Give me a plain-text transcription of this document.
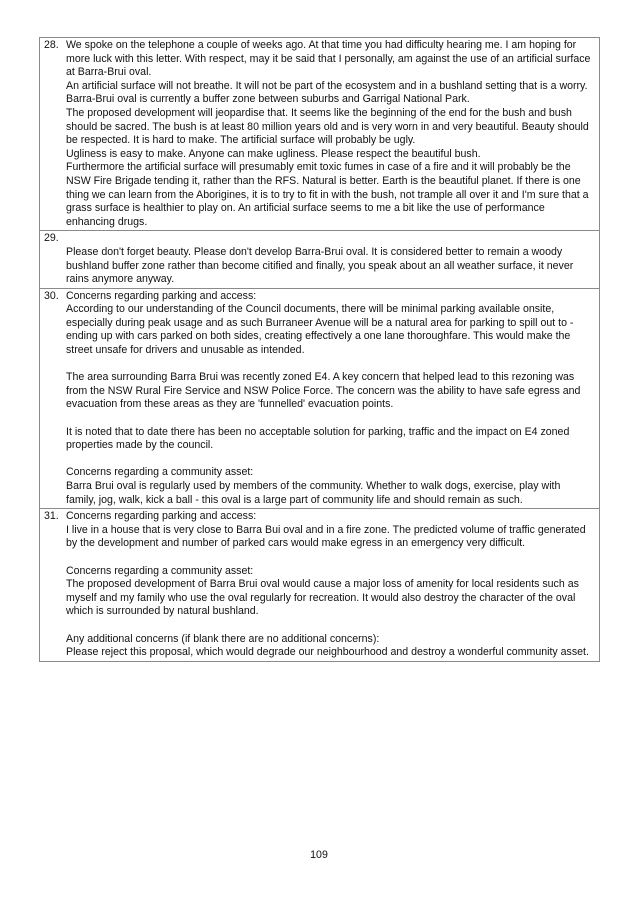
28. We spoke on the telephone a couple of weeks ago. At that time you had difficulty hearing me. I am hoping for more luck with this letter. With respect, may it be said that I personally, am against the use of an artificial surface at Barra-Brui oval.

An artificial surface will not breathe. It will not be part of the ecosystem and in a bushland setting that is a worry. Barra-Brui oval is currently a buffer zone between suburbs and Garrigal National Park.

The proposed development will jeopardise that. It seems like the beginning of the end for the bush and bush should be sacred. The bush is at least 80 million years old and is very worn in and very beautiful. Beauty should be respected. It is hard to make. The artificial surface will probably be ugly.

Ugliness is easy to make. Anyone can make ugliness. Please respect the beautiful bush.

Furthermore the artificial surface will presumably emit toxic fumes in case of a fire and it will probably be the NSW Fire Brigade tending it, rather than the RFS. Natural is better. Earth is the beautiful planet. If there is one thing we can learn from the Aborigines, it is to try to fit in with the bush, not trample all over it and I'm sure that a grass surface is healthier to play on. An artificial surface seems to me a bit like the use of performance enhancing drugs.

29.

Please don't forget beauty. Please don't develop Barra-Brui oval. It is considered better to remain a woody bushland buffer zone rather than become citified and finally, you speak about an all weather surface, it never rains anymore anyway.

30. Concerns regarding parking and access:

According to our understanding of the Council documents, there will be minimal parking available onsite, especially during peak usage and as such Burraneer Avenue will be a natural area for parking to spill out to - ending up with cars parked on both sides, creating effectively a one lane thoroughfare. This would make the street unsafe for drivers and unusable as intended.

The area surrounding Barra Brui was recently zoned E4. A key concern that helped lead to this rezoning was from the NSW Rural Fire Service and NSW Police Force. The concern was the ability to have safe egress and evacuation from these areas as they are 'funnelled' evacuation points.

It is noted that to date there has been no acceptable solution for parking, traffic and the impact on E4 zoned properties made by the council.

Concerns regarding a community asset:

Barra Brui oval is regularly used by members of the community. Whether to walk dogs, exercise, play with family, jog, walk, kick a ball - this oval is a large part of community life and should remain as such.

31. Concerns regarding parking and access:

I live in a house that is very close to Barra Bui oval and in a fire zone. The predicted volume of traffic generated by the development and number of parked cars would make egress in an emergency very difficult.

Concerns regarding a community asset:

The proposed development of Barra Brui oval would cause a major loss of amenity for local residents such as myself and my family who use the oval regularly for recreation. It would also destroy the character of the oval which is surrounded by natural bushland.

Any additional concerns (if blank there are no additional concerns):

Please reject this proposal, which would degrade our neighbourhood and destroy a wonderful community asset.

109
